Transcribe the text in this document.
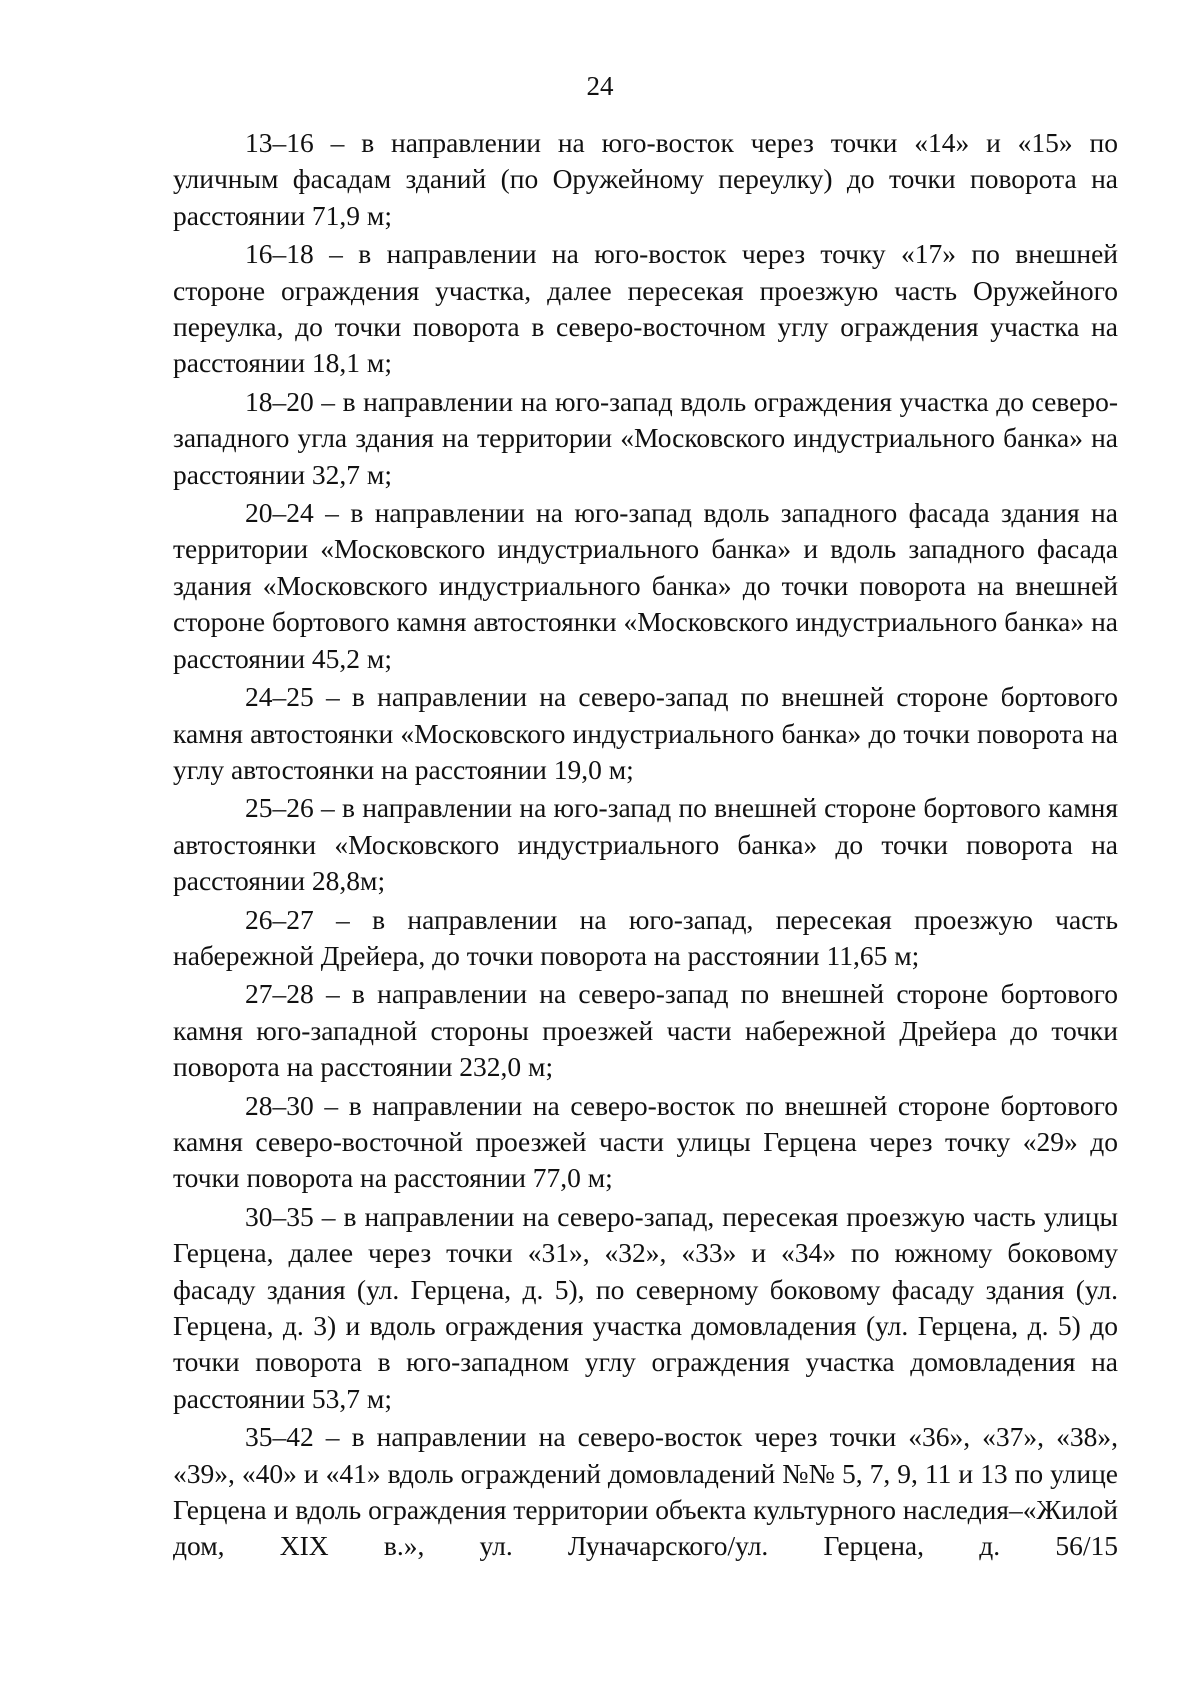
24

13–16 – в направлении на юго-восток через точки «14» и «15» по уличным фасадам зданий (по Оружейному переулку) до точки поворота на расстоянии 71,9 м;

16–18 – в направлении на юго-восток через точку «17» по внешней стороне ограждения участка, далее пересекая проезжую часть Оружейного переулка, до точки поворота в северо-восточном углу ограждения участка на расстоянии 18,1 м;

18–20 – в направлении на юго-запад вдоль ограждения участка до северо-западного угла здания на территории «Московского индустриального банка» на расстоянии 32,7 м;

20–24 – в направлении на юго-запад вдоль западного фасада здания на территории «Московского индустриального банка» и вдоль западного фасада здания «Московского индустриального банка» до точки поворота на внешней стороне бортового камня автостоянки «Московского индустриального банка» на расстоянии 45,2 м;

24–25 – в направлении на северо-запад по внешней стороне бортового камня автостоянки «Московского индустриального банка» до точки поворота на углу автостоянки на расстоянии 19,0 м;

25–26 – в направлении на юго-запад по внешней стороне бортового камня автостоянки «Московского индустриального банка» до точки поворота на расстоянии 28,8м;

26–27 – в направлении на юго-запад, пересекая проезжую часть набережной Дрейера, до точки поворота на расстоянии 11,65 м;

27–28 – в направлении на северо-запад по внешней стороне бортового камня юго-западной стороны проезжей части набережной Дрейера до точки поворота на расстоянии 232,0 м;

28–30 – в направлении на северо-восток по внешней стороне бортового камня северо-восточной проезжей части улицы Герцена через точку «29» до точки поворота на расстоянии 77,0 м;

30–35 – в направлении на северо-запад, пересекая проезжую часть улицы Герцена, далее через точки «31», «32», «33» и «34» по южному боковому фасаду здания (ул. Герцена, д. 5), по северному боковому фасаду здания (ул. Герцена, д. 3) и вдоль ограждения участка домовладения (ул. Герцена, д. 5) до точки поворота в юго-западном углу ограждения участка домовладения на расстоянии 53,7 м;

35–42 – в направлении на северо-восток через точки «36», «37», «38», «39», «40» и «41» вдоль ограждений домовладений №№ 5, 7, 9, 11 и 13 по улице Герцена и вдоль ограждения территории объекта культурного наследия–«Жилой дом, XIX в.», ул. Луначарского/ул. Герцена, д. 56/15
